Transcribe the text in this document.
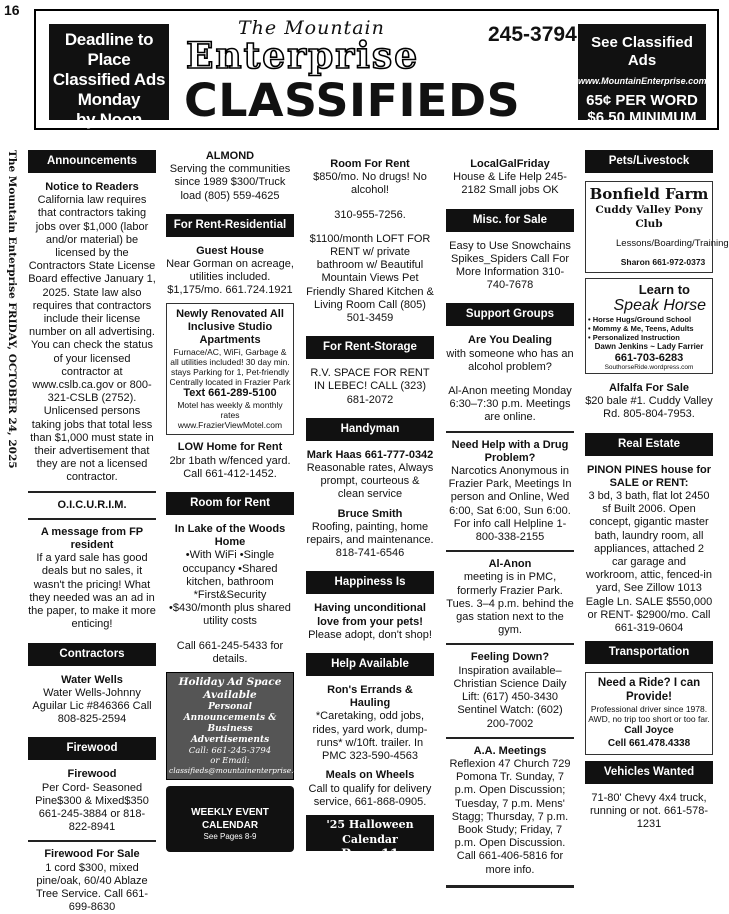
16
Deadline to Place
Classified Ads
Monday
by Noon
The Mountain
Enterprise
CLASSIFIEDS
245-3794 See Classified Ads
www.MountainEnterprise.com
65¢ PER WORD
$6.50 MINIMUM
The Mountain Enterprise FRIDAY, OCTOBER 24, 2025	Announcements
Notice to Readers
California law requires that contractors taking jobs over $1,000 (labor and/or material) be licensed by the Contractors State License Board effective January 1, 2025. State law also requires that contractors include their license number on all advertising. You can check the status of your licensed contractor at www.cslb.ca.gov or 800-321-CSLB (2752). Unlicensed persons taking jobs that total less than $1,000 must state in their advertisement that they are not a licensed contractor.
O.I.C.U.R.I.M.
A message from FP resident
If a yard sale has good deals but no sales, it wasn't the pricing! What they needed was an ad in the paper, to make it more enticing!
Contractors
Water Wells
Water Wells-Johnny Aguilar Lic #846366 Call 808-825-2594
Firewood
Firewood
Per Cord- Seasoned Pine$300 & Mixed$350 661-245-3884 or 818-822-8941
Firewood For Sale
1 cord $300, mixed pine/oak, 60/40 Ablaze Tree Service. Call 661-699-8630
ALMOND
Serving the communities since 1989 $300/Truck load (805) 559-4625
For Rent-Residential
Guest House
Near Gorman on acreage, utilities included. $1,175/mo. 661.724.1921
Newly Renovated All Inclusive Studio Apartments
Furnace/AC, WiFi, Garbage & all utilities included! 30 day min. stays Parking for 1, Pet-friendly Centrally located in Frazier Park
Text 661-289-5100
Motel has weekly & monthly rates
www.FrazierViewMotel.com
LOW Home for Rent
2br 1bath w/fenced yard. Call 661-412-1452.
Room for Rent
In Lake of the Woods Home
•With WiFi •Single occupancy •Shared kitchen, bathroom *First&Security •$430/month plus shared utility costs
Call 661-245-5433 for details.
Holiday Ad Space Available
Personal Announcements & Business Advertisements
Call: 661-245-3794
or Email:
classifieds@mountainenterprise.com
WEEKLY EVENT
CALENDAR
See Pages 8-9
Room For Rent
$850/mo. No drugs! No alcohol!
310-955-7256.
$1100/month LOFT FOR RENT w/ private bathroom w/ Beautiful Mountain Views Pet Friendly Shared Kitchen & Living Room Call (805) 501-3459
For Rent-Storage
R.V. SPACE FOR RENT IN LEBEC! CALL (323) 681-2072
Handyman
Mark Haas 661-777-0342
Reasonable rates, Always prompt, courteous & clean service
Bruce Smith
Roofing, painting, home repairs, and maintenance. 818-741-6546
Happiness Is
Having unconditional love from your pets!
Please adopt, don't shop!
Help Available
Ron's Errands & Hauling
*Caretaking, odd jobs, rides, yard work, dump-runs* w/10ft. trailer. In PMC 323-590-4563
Meals on Wheels
Call to qualify for delivery service, 661-868-0905.
'25 Halloween Calendar
Page 11
LocalGalFriday
House & Life Help 245-2182 Small jobs OK
Misc. for Sale
Easy to Use Snowchains Spikes_Spiders Call For More Information 310-740-7678
Support Groups
Are You Dealing
with someone who has an alcohol problem?
Al-Anon meeting Monday 6:30–7:30 p.m. Meetings are online.
Need Help with a Drug Problem?
Narcotics Anonymous in Frazier Park, Meetings In person and Online, Wed 6:00, Sat 6:00, Sun 6:00. For info call Helpline 1-800-338-2155
Al-Anon
meeting is in PMC, formerly Frazier Park. Tues. 3–4 p.m. behind the gas station next to the gym.
Feeling Down?
Inspiration available– Christian Science Daily Lift: (617) 450-3430 Sentinel Watch: (602) 200-7002
A.A. Meetings
Reflexion 47 Church 729 Pomona Tr. Sunday, 7 p.m. Open Discussion; Tuesday, 7 p.m. Mens' Stagg; Thursday, 7 p.m. Book Study; Friday, 7 p.m. Open Discussion. Call 661-406-5816 for more info.
Pets/Livestock
Bonfield Farm
Cuddy Valley Pony Club
Lessons/Boarding/Training
Sharon 661-972-0373
Learn to
Speak Horse
• Horse Hugs/Ground School
• Mommy & Me, Teens, Adults
• Personalized Instruction
Dawn Jenkins ~ Lady Farrier
661-703-6283
SouthorseRide.wordpress.com
Alfalfa For Sale
$20 bale #1. Cuddy Valley Rd. 805-804-7953.
Real Estate
PINON PINES house for SALE or RENT:
3 bd, 3 bath, flat lot 2450 sf Built 2006. Open concept, gigantic master bath, laundry room, all appliances, attached 2 car garage and workroom, attic, fenced-in yard, See Zillow 1013 Eagle Ln. SALE $550,000 or RENT- $2900/mo. Call 661-319-0604
Transportation
Need a Ride? I can Provide!
Professional driver since 1978. AWD, no trip too short or too far.
Call Joyce
Cell 661.478.4338
Vehicles Wanted
71-80' Chevy 4x4 truck, running or not. 661-578-1231
